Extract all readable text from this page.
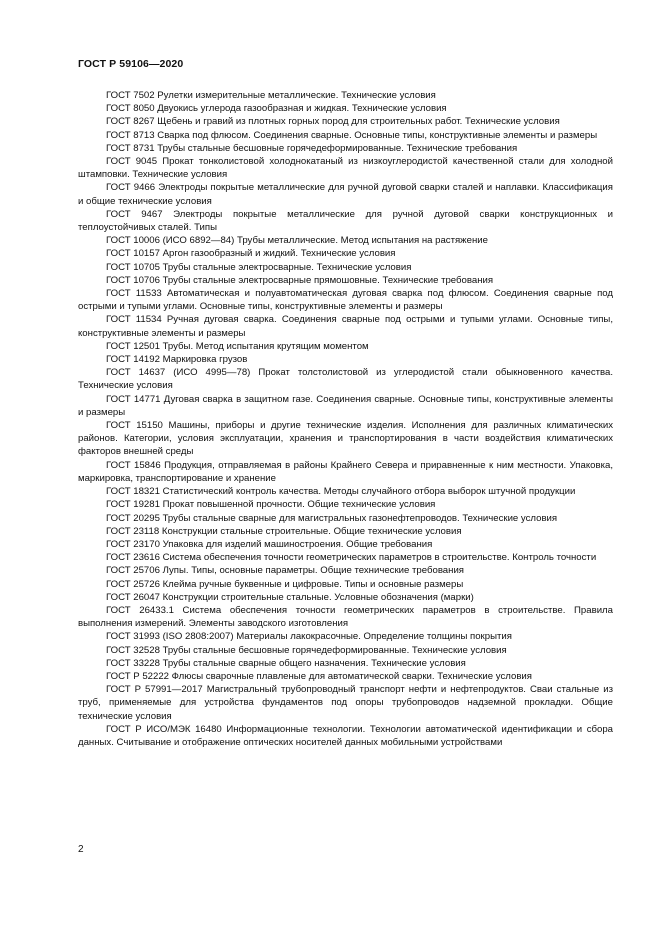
ГОСТ Р 59106—2020

ГОСТ 7502 Рулетки измерительные металлические. Технические условия

ГОСТ 8050 Двуокись углерода газообразная и жидкая. Технические условия

ГОСТ 8267 Щебень и гравий из плотных горных пород для строительных работ. Технические условия

ГОСТ 8713 Сварка под флюсом. Соединения сварные. Основные типы, конструктивные элементы и размеры

ГОСТ 8731 Трубы стальные бесшовные горячедеформированные. Технические требования

ГОСТ 9045 Прокат тонколистовой холоднокатаный из низкоуглеродистой качественной стали для холодной штамповки. Технические условия

ГОСТ 9466 Электроды покрытые металлические для ручной дуговой сварки сталей и наплавки. Классификация и общие технические условия

ГОСТ 9467 Электроды покрытые металлические для ручной дуговой сварки конструкционных и теплоустойчивых сталей. Типы

ГОСТ 10006 (ИСО 6892—84) Трубы металлические. Метод испытания на растяжение

ГОСТ 10157 Аргон газообразный и жидкий. Технические условия

ГОСТ 10705 Трубы стальные электросварные. Технические условия

ГОСТ 10706 Трубы стальные электросварные прямошовные. Технические требования

ГОСТ 11533 Автоматическая и полуавтоматическая дуговая сварка под флюсом. Соединения сварные под острыми и тупыми углами. Основные типы, конструктивные элементы и размеры

ГОСТ 11534 Ручная дуговая сварка. Соединения сварные под острыми и тупыми углами. Основные типы, конструктивные элементы и размеры

ГОСТ 12501 Трубы. Метод испытания крутящим моментом

ГОСТ 14192 Маркировка грузов

ГОСТ 14637 (ИСО 4995—78) Прокат толстолистовой из углеродистой стали обыкновенного качества. Технические условия

ГОСТ 14771 Дуговая сварка в защитном газе. Соединения сварные. Основные типы, конструктивные элементы и размеры

ГОСТ 15150 Машины, приборы и другие технические изделия. Исполнения для различных климатических районов. Категории, условия эксплуатации, хранения и транспортирования в части воздействия климатических факторов внешней среды

ГОСТ 15846 Продукция, отправляемая в районы Крайнего Севера и приравненные к ним местности. Упаковка, маркировка, транспортирование и хранение

ГОСТ 18321 Статистический контроль качества. Методы случайного отбора выборок штучной продукции

ГОСТ 19281 Прокат повышенной прочности. Общие технические условия

ГОСТ 20295 Трубы стальные сварные для магистральных газонефтепроводов. Технические условия

ГОСТ 23118 Конструкции стальные строительные. Общие технические условия

ГОСТ 23170 Упаковка для изделий машиностроения. Общие требования

ГОСТ 23616 Система обеспечения точности геометрических параметров в строительстве. Контроль точности

ГОСТ 25706 Лупы. Типы, основные параметры. Общие технические требования

ГОСТ 25726 Клейма ручные буквенные и цифровые. Типы и основные размеры

ГОСТ 26047 Конструкции строительные стальные. Условные обозначения (марки)

ГОСТ 26433.1 Система обеспечения точности геометрических параметров в строительстве. Правила выполнения измерений. Элементы заводского изготовления

ГОСТ 31993 (ISO 2808:2007) Материалы лакокрасочные. Определение толщины покрытия

ГОСТ 32528 Трубы стальные бесшовные горячедеформированные. Технические условия

ГОСТ 33228 Трубы стальные сварные общего назначения. Технические условия

ГОСТ Р 52222 Флюсы сварочные плавленые для автоматической сварки. Технические условия

ГОСТ Р 57991—2017 Магистральный трубопроводный транспорт нефти и нефтепродуктов. Сваи стальные из труб, применяемые для устройства фундаментов под опоры трубопроводов надземной прокладки. Общие технические условия

ГОСТ Р ИСО/МЭК 16480 Информационные технологии. Технологии автоматической идентификации и сбора данных. Считывание и отображение оптических носителей данных мобильными устройствами

2
